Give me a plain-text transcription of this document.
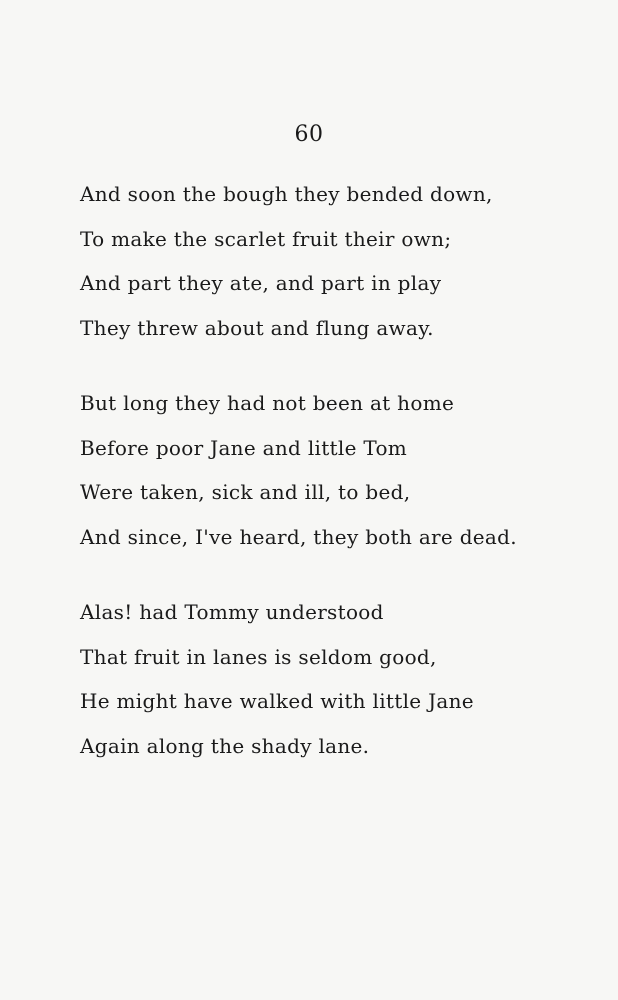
60
And soon the bough they bended down,
To make the scarlet fruit their own;
And part they ate, and part in play
They threw about and flung away.
But long they had not been at home
Before poor Jane and little Tom
Were taken, sick and ill, to bed,
And since, I've heard, they both are dead.
Alas! had Tommy understood
That fruit in lanes is seldom good,
He might have walked with little Jane
Again along the shady lane.
